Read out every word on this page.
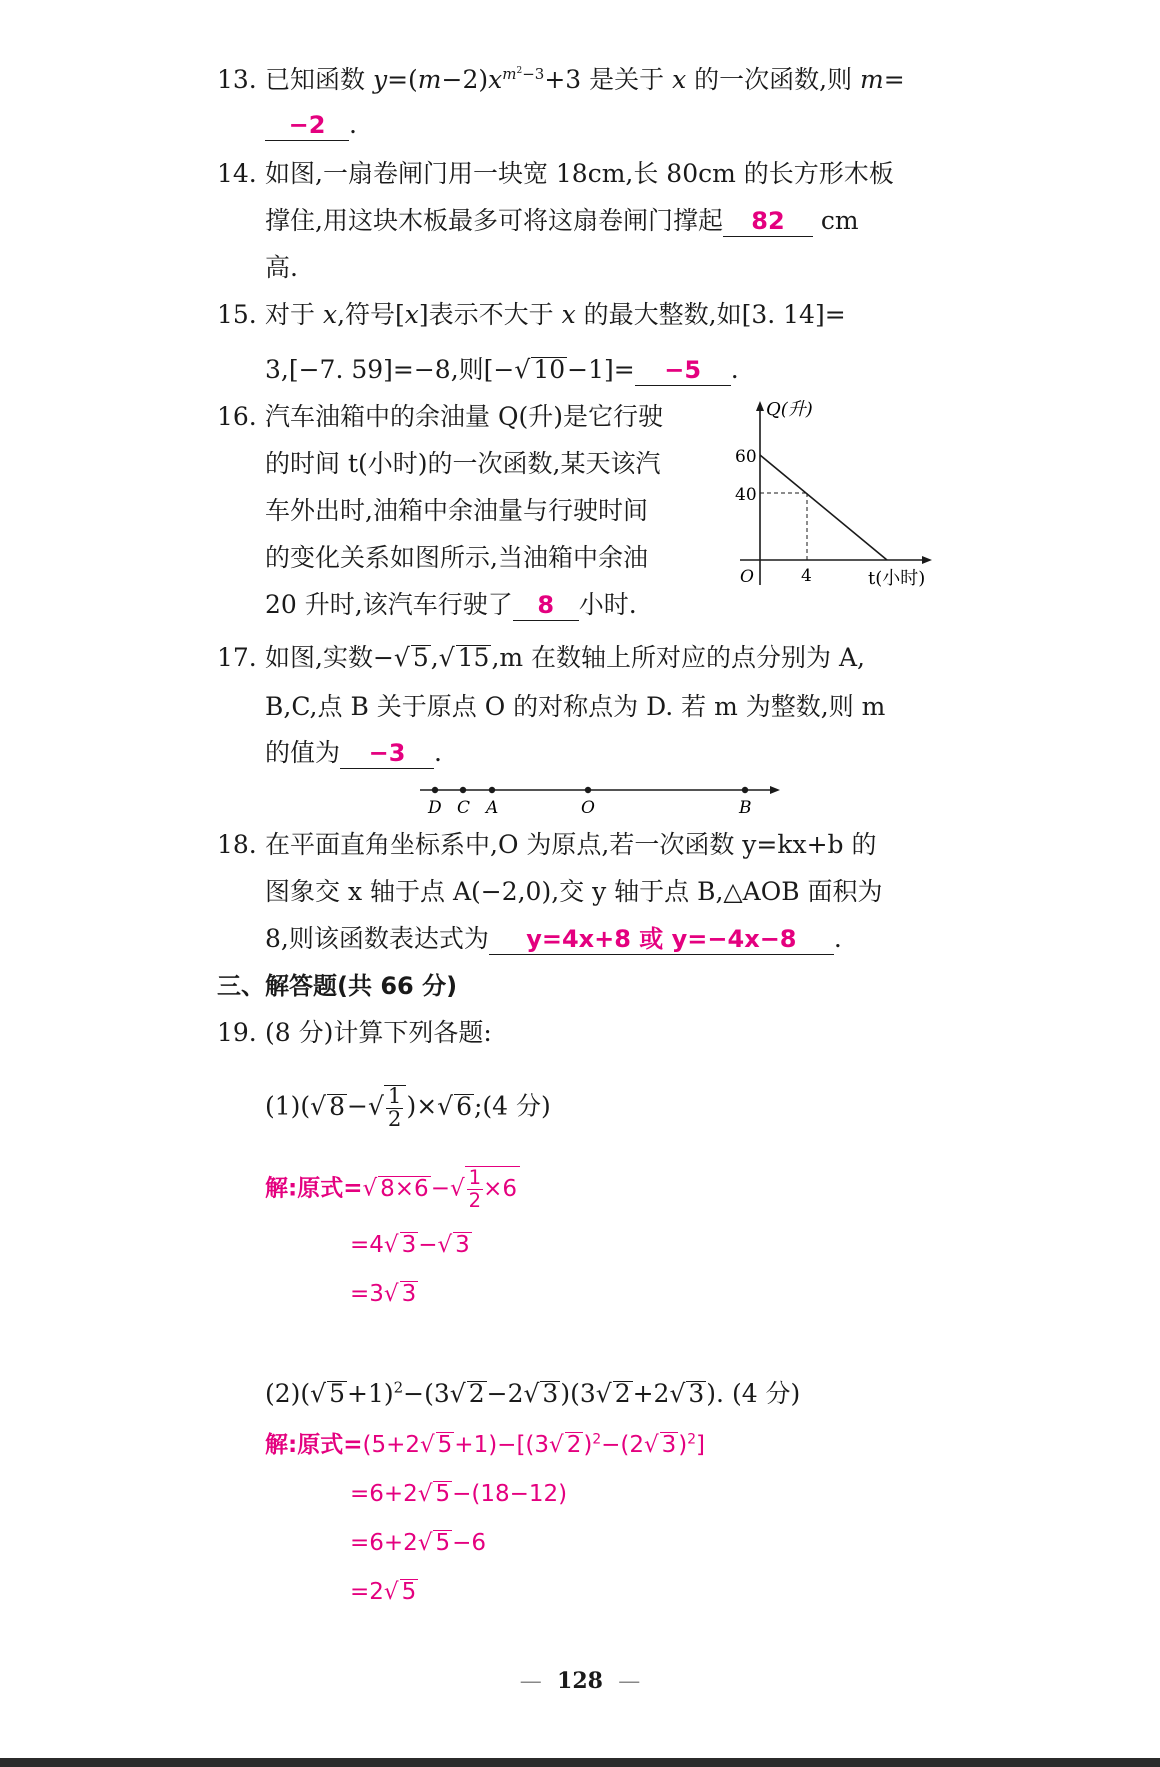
13. 已知函数 $y=(m-2)x^{m^2-3}+3$ 是关于 x 的一次函数,则 m=
−2 .
14. 如图,一扇卷闸门用一块宽 18cm,长 80cm 的长方形木板
撑住,用这块木板最多可将这扇卷闸门撑起 82 cm
高.
15. 对于 x,符号[x]表示不大于 x 的最大整数,如[3. 14]=
3,[−7. 59]=−8,则[−√ 10−1]= −5 .
16. 汽车油箱中的余油量 Q(升)是它行驶
的时间 t(小时)的一次函数,某天该汽
车外出时,油箱中余油量与行驶时间
的变化关系如图所示,当油箱中余油
20 升时,该汽车行驶了 8 小时.
Q(升)
60
40
4
O	t(小时)
17. 如图,实数−√ 5,√ 15,m 在数轴上所对应的点分别为 A,
B,C,点 B 关于原点 O 的对称点为 D. 若 m 为整数,则 m
的值为 −3 .
D C A	O	B
18. 在平面直角坐标系中,O 为原点,若一次函数 y=kx+b 的
图象交 x 轴于点 A(−2,0),交 y 轴于点 B,△AOB 面积为
8,则该函数表达式为 y=4x+8 或 y=−4x−8 .
三、解答题(共 66 分)
19. (8 分)计算下列各题:
(1)(√ $8-√ \frac{1}{2}$ )×√ 6;(4 分)
解:原式=√ $8\times 6-√ \frac{1}{2} \times 6$
=4√ 3−√ 3
=3√ 3
(2)(√ 5+1)$^2$−(3√ 2−2√ 3)(3√ 2+2√ 3). (4 分)
解:原式=(5+2√ 5+1)−[(3√ 2)$^2$−(2√ 3)$^2$]
=6+2√ 5−(18−12)
=6+2√ 5−6
=2√ 5
— 128 —
